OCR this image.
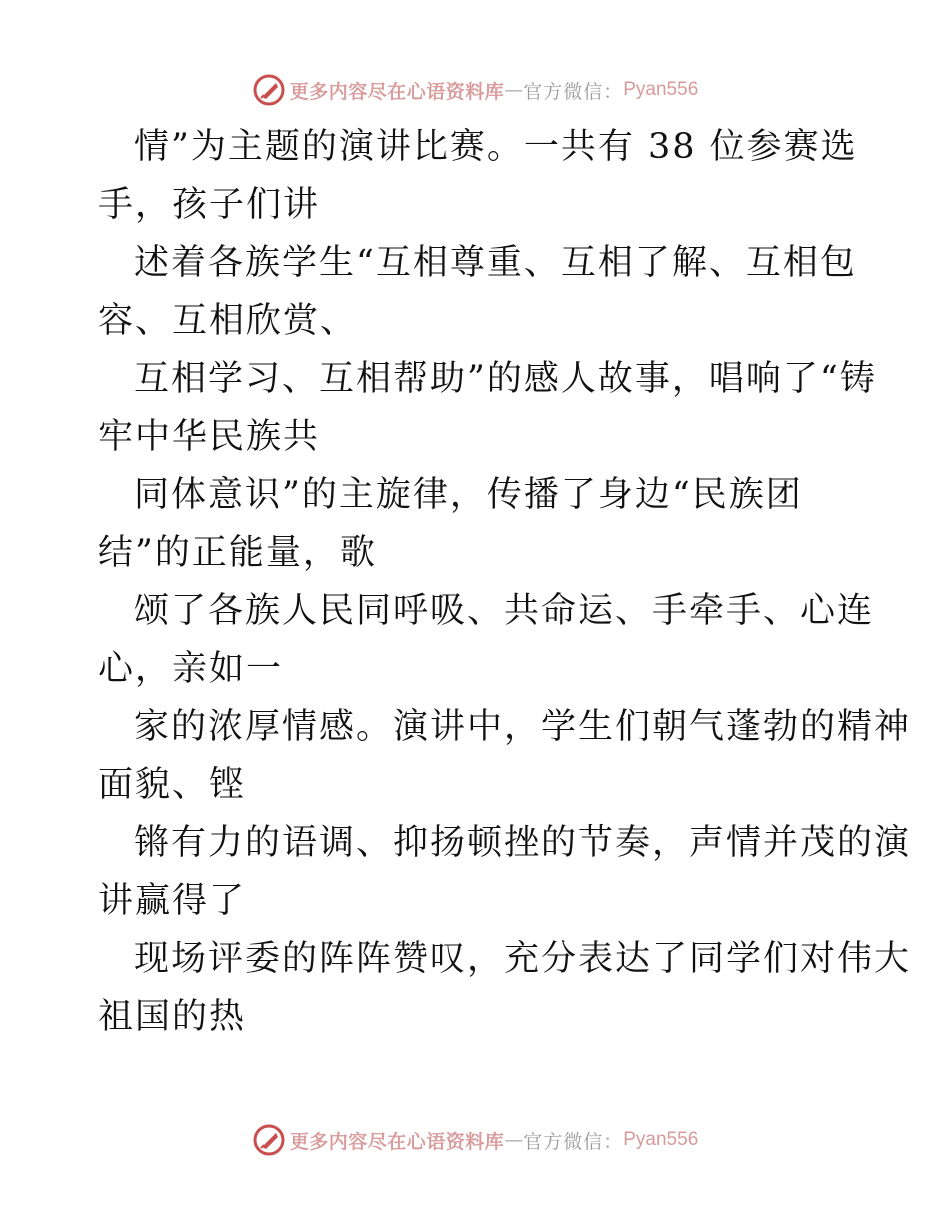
更多内容尽在心语资料库 — 官方微信： Pyan556
情”为主题的演讲比赛。一共有 38 位参赛选
手，孩子们讲
述着各族学生“互相尊重、互相了解、互相包
容、互相欣赏、
互相学习、互相帮助”的感人故事，唱响了“铸
牢中华民族共
同体意识”的主旋律，传播了身边“民族团
结”的正能量，歌
颂了各族人民同呼吸、共命运、手牵手、心连
心，亲如一
家的浓厚情感。演讲中，学生们朝气蓬勃的精神
面貌、铿
锵有力的语调、抑扬顿挫的节奏，声情并茂的演
讲赢得了
现场评委的阵阵赞叹，充分表达了同学们对伟大
祖国的热
更多内容尽在心语资料库 — 官方微信： Pyan556
